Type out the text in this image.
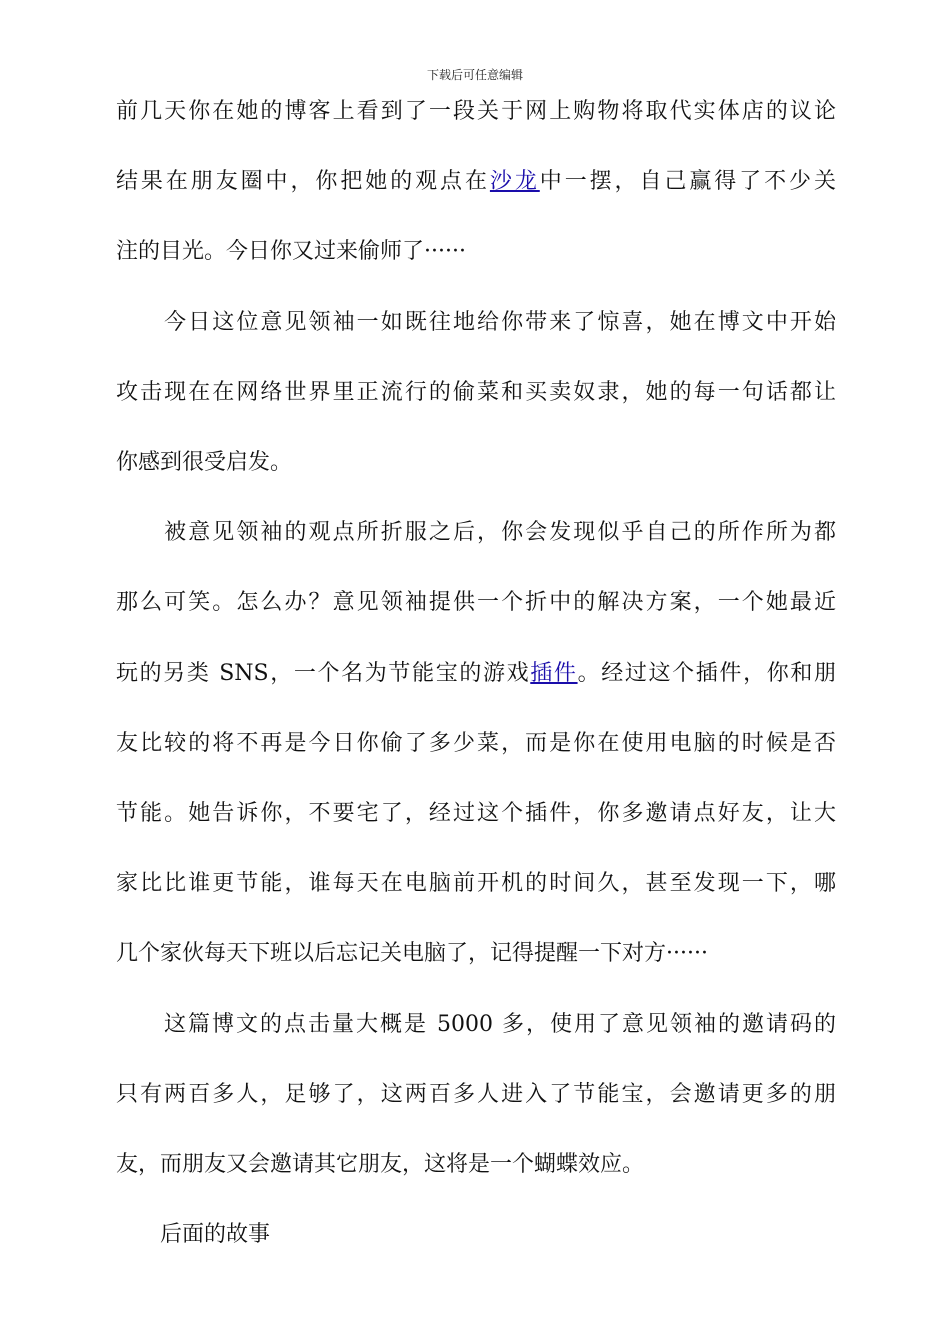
下载后可任意编辑
前几天你在她的博客上看到了一段关于网上购物将取代实体店的议论
结果在朋友圈中，你把她的观点在沙龙中一摆，自己赢得了不少关
注的目光。今日你又过来偷师了······
　　今日这位意见领袖一如既往地给你带来了惊喜，她在博文中开始
攻击现在在网络世界里正流行的偷菜和买卖奴隶，她的每一句话都让
你感到很受启发。
　　被意见领袖的观点所折服之后，你会发现似乎自己的所作所为都
那么可笑。怎么办？意见领袖提供一个折中的解决方案，一个她最近
玩的另类 SNS，一个名为节能宝的游戏插件。经过这个插件，你和朋
友比较的将不再是今日你偷了多少菜，而是你在使用电脑的时候是否
节能。她告诉你，不要宅了，经过这个插件，你多邀请点好友，让大
家比比谁更节能，谁每天在电脑前开机的时间久，甚至发现一下，哪
几个家伙每天下班以后忘记关电脑了，记得提醒一下对方······
　　这篇博文的点击量大概是 5000 多，使用了意见领袖的邀请码的
只有两百多人，足够了，这两百多人进入了节能宝，会邀请更多的朋
友，而朋友又会邀请其它朋友，这将是一个蝴蝶效应。
　　后面的故事
